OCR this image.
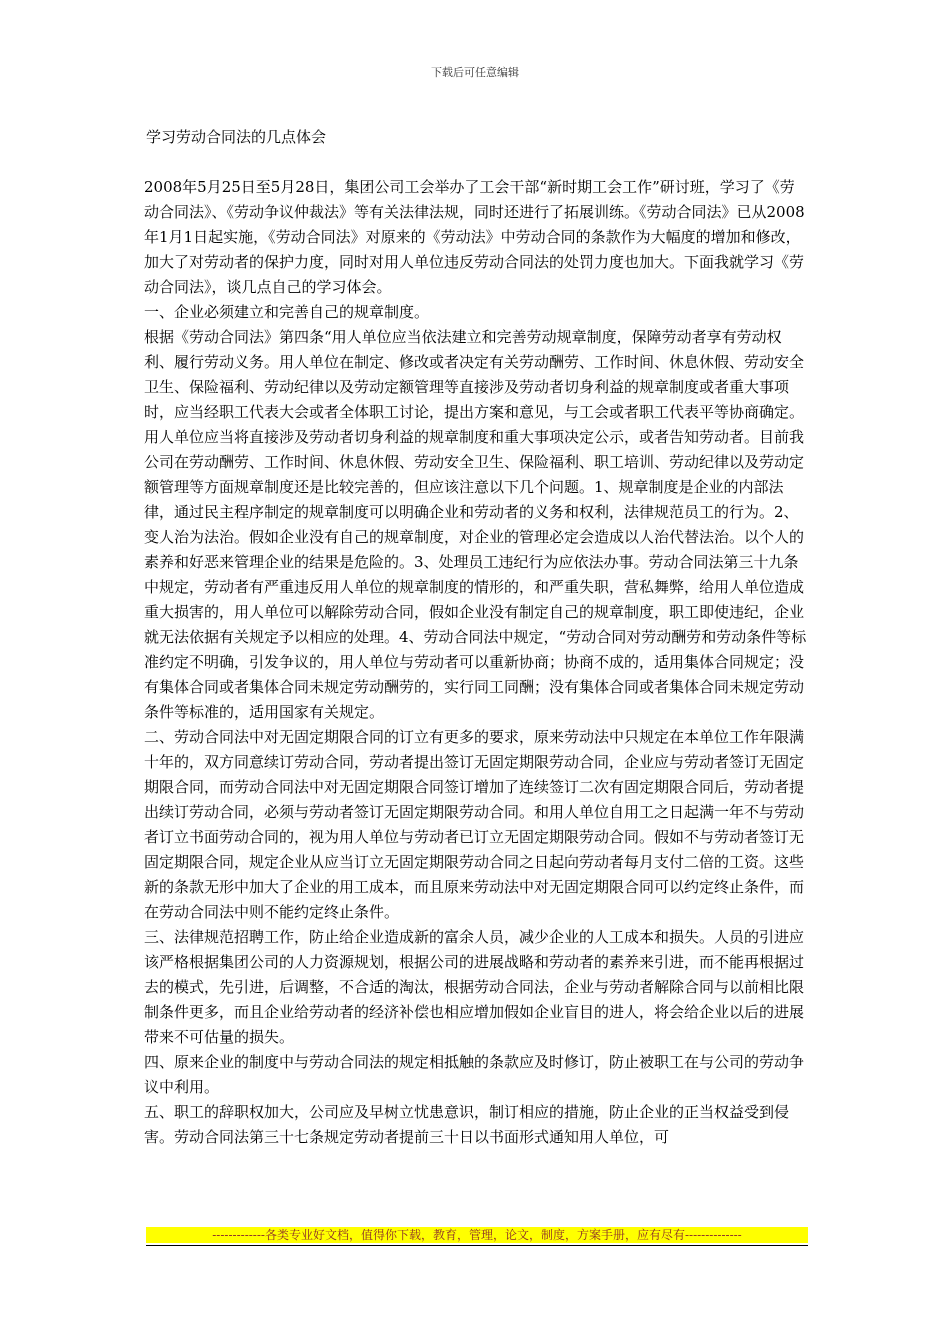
下载后可任意编辑
学习劳动合同法的几点体会

2008年5月25日至5月28日，集团公司工会举办了工会干部“新时期工会工作”研讨班，学习了《劳动合同法》、《劳动争议仲裁法》等有关法律法规，同时还进行了拓展训练。《劳动合同法》已从2008年1月1日起实施，《劳动合同法》对原来的《劳动法》中劳动合同的条款作为大幅度的增加和修改，加大了对劳动者的保护力度，同时对用人单位违反劳动合同法的处罚力度也加大。下面我就学习《劳动合同法》，谈几点自己的学习体会。

一、企业必须建立和完善自己的规章制度。

根据《劳动合同法》第四条“用人单位应当依法建立和完善劳动规章制度，保障劳动者享有劳动权利、履行劳动义务。用人单位在制定、修改或者决定有关劳动酬劳、工作时间、休息休假、劳动安全卫生、保险福利、劳动纪律以及劳动定额管理等直接涉及劳动者切身利益的规章制度或者重大事项时，应当经职工代表大会或者全体职工讨论，提出方案和意见，与工会或者职工代表平等协商确定。用人单位应当将直接涉及劳动者切身利益的规章制度和重大事项决定公示，或者告知劳动者。目前我公司在劳动酬劳、工作时间、休息休假、劳动安全卫生、保险福利、职工培训、劳动纪律以及劳动定额管理等方面规章制度还是比较完善的，但应该注意以下几个问题。1、规章制度是企业的内部法律，通过民主程序制定的规章制度可以明确企业和劳动者的义务和权利，法律规范员工的行为。2、变人治为法治。假如企业没有自己的规章制度，对企业的管理必定会造成以人治代替法治。以个人的素养和好恶来管理企业的结果是危险的。3、处理员工违纪行为应依法办事。劳动合同法第三十九条中规定，劳动者有严重违反用人单位的规章制度的情形的，和严重失职，营私舞弊，给用人单位造成重大损害的，用人单位可以解除劳动合同，假如企业没有制定自己的规章制度，职工即使违纪，企业就无法依据有关规定予以相应的处理。4、劳动合同法中规定，“劳动合同对劳动酬劳和劳动条件等标准约定不明确，引发争议的，用人单位与劳动者可以重新协商；协商不成的，适用集体合同规定；没有集体合同或者集体合同未规定劳动酬劳的，实行同工同酬；没有集体合同或者集体合同未规定劳动条件等标准的，适用国家有关规定。

二、劳动合同法中对无固定期限合同的订立有更多的要求，原来劳动法中只规定在本单位工作年限满十年的，双方同意续订劳动合同，劳动者提出签订无固定期限劳动合同，企业应与劳动者签订无固定期限合同，而劳动合同法中对无固定期限合同签订增加了连续签订二次有固定期限合同后，劳动者提出续订劳动合同，必须与劳动者签订无固定期限劳动合同。和用人单位自用工之日起满一年不与劳动者订立书面劳动合同的，视为用人单位与劳动者已订立无固定期限劳动合同。假如不与劳动者签订无固定期限合同，规定企业从应当订立无固定期限劳动合同之日起向劳动者每月支付二倍的工资。这些新的条款无形中加大了企业的用工成本，而且原来劳动法中对无固定期限合同可以约定终止条件，而在劳动合同法中则不能约定终止条件。

三、法律规范招聘工作，防止给企业造成新的富余人员，减少企业的人工成本和损失。人员的引进应该严格根据集团公司的人力资源规划，根据公司的进展战略和劳动者的素养来引进，而不能再根据过去的模式，先引进，后调整，不合适的淘汰，根据劳动合同法，企业与劳动者解除合同与以前相比限制条件更多，而且企业给劳动者的经济补偿也相应增加假如企业盲目的进人，将会给企业以后的进展带来不可估量的损失。

四、原来企业的制度中与劳动合同法的规定相抵触的条款应及时修订，防止被职工在与公司的劳动争议中利用。

五、职工的辞职权加大，公司应及早树立忧患意识，制订相应的措施，防止企业的正当权益受到侵害。劳动合同法第三十七条规定劳动者提前三十日以书面形式通知用人单位，可

-------------各类专业好文档，值得你下载，教育，管理，论文，制度，方案手册，应有尽有--------------
